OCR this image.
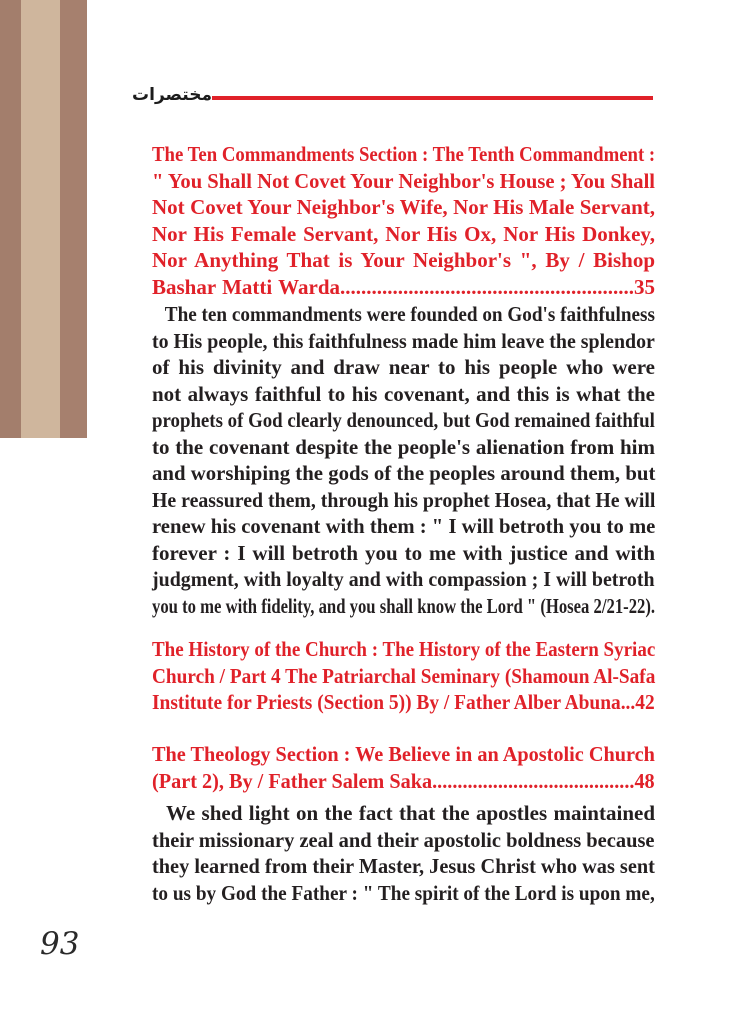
مختصرات
The Ten Commandments Section : The Tenth Commandment :
" You Shall Not Covet Your Neighbor's House ; You Shall
Not Covet Your Neighbor's Wife, Nor His Male Servant,
Nor His Female Servant, Nor His Ox, Nor His Donkey,
Nor Anything That is Your Neighbor's ", By / Bishop
Bashar Matti Warda........................................................35
The ten commandments were founded on God's faithfulness
to His people, this faithfulness made him leave the splendor
of his divinity and draw near to his people who were
not always faithful to his covenant, and this is what the
prophets of God clearly denounced, but God remained faithful
to the covenant despite the people's alienation from him
and worshiping the gods of the peoples around them, but
He reassured them, through his prophet Hosea, that He will
renew his covenant with them : " I will betroth you to me
forever : I will betroth you to me with justice and with
judgment, with loyalty and with compassion ; I will betroth
you to me with fidelity, and you shall know the Lord " (Hosea 2/21-22).
The History of the Church : The History of the Eastern Syriac
Church / Part 4 The Patriarchal Seminary (Shamoun Al-Safa
Institute for Priests (Section 5)) By / Father Alber Abuna...42
The Theology Section : We Believe in an Apostolic Church
(Part 2), By / Father Salem Saka........................................48
We shed light on the fact that the apostles maintained
their missionary zeal and their apostolic boldness because
they learned from their Master, Jesus Christ who was sent
to us by God the Father : " The spirit of the Lord is upon me,
93
